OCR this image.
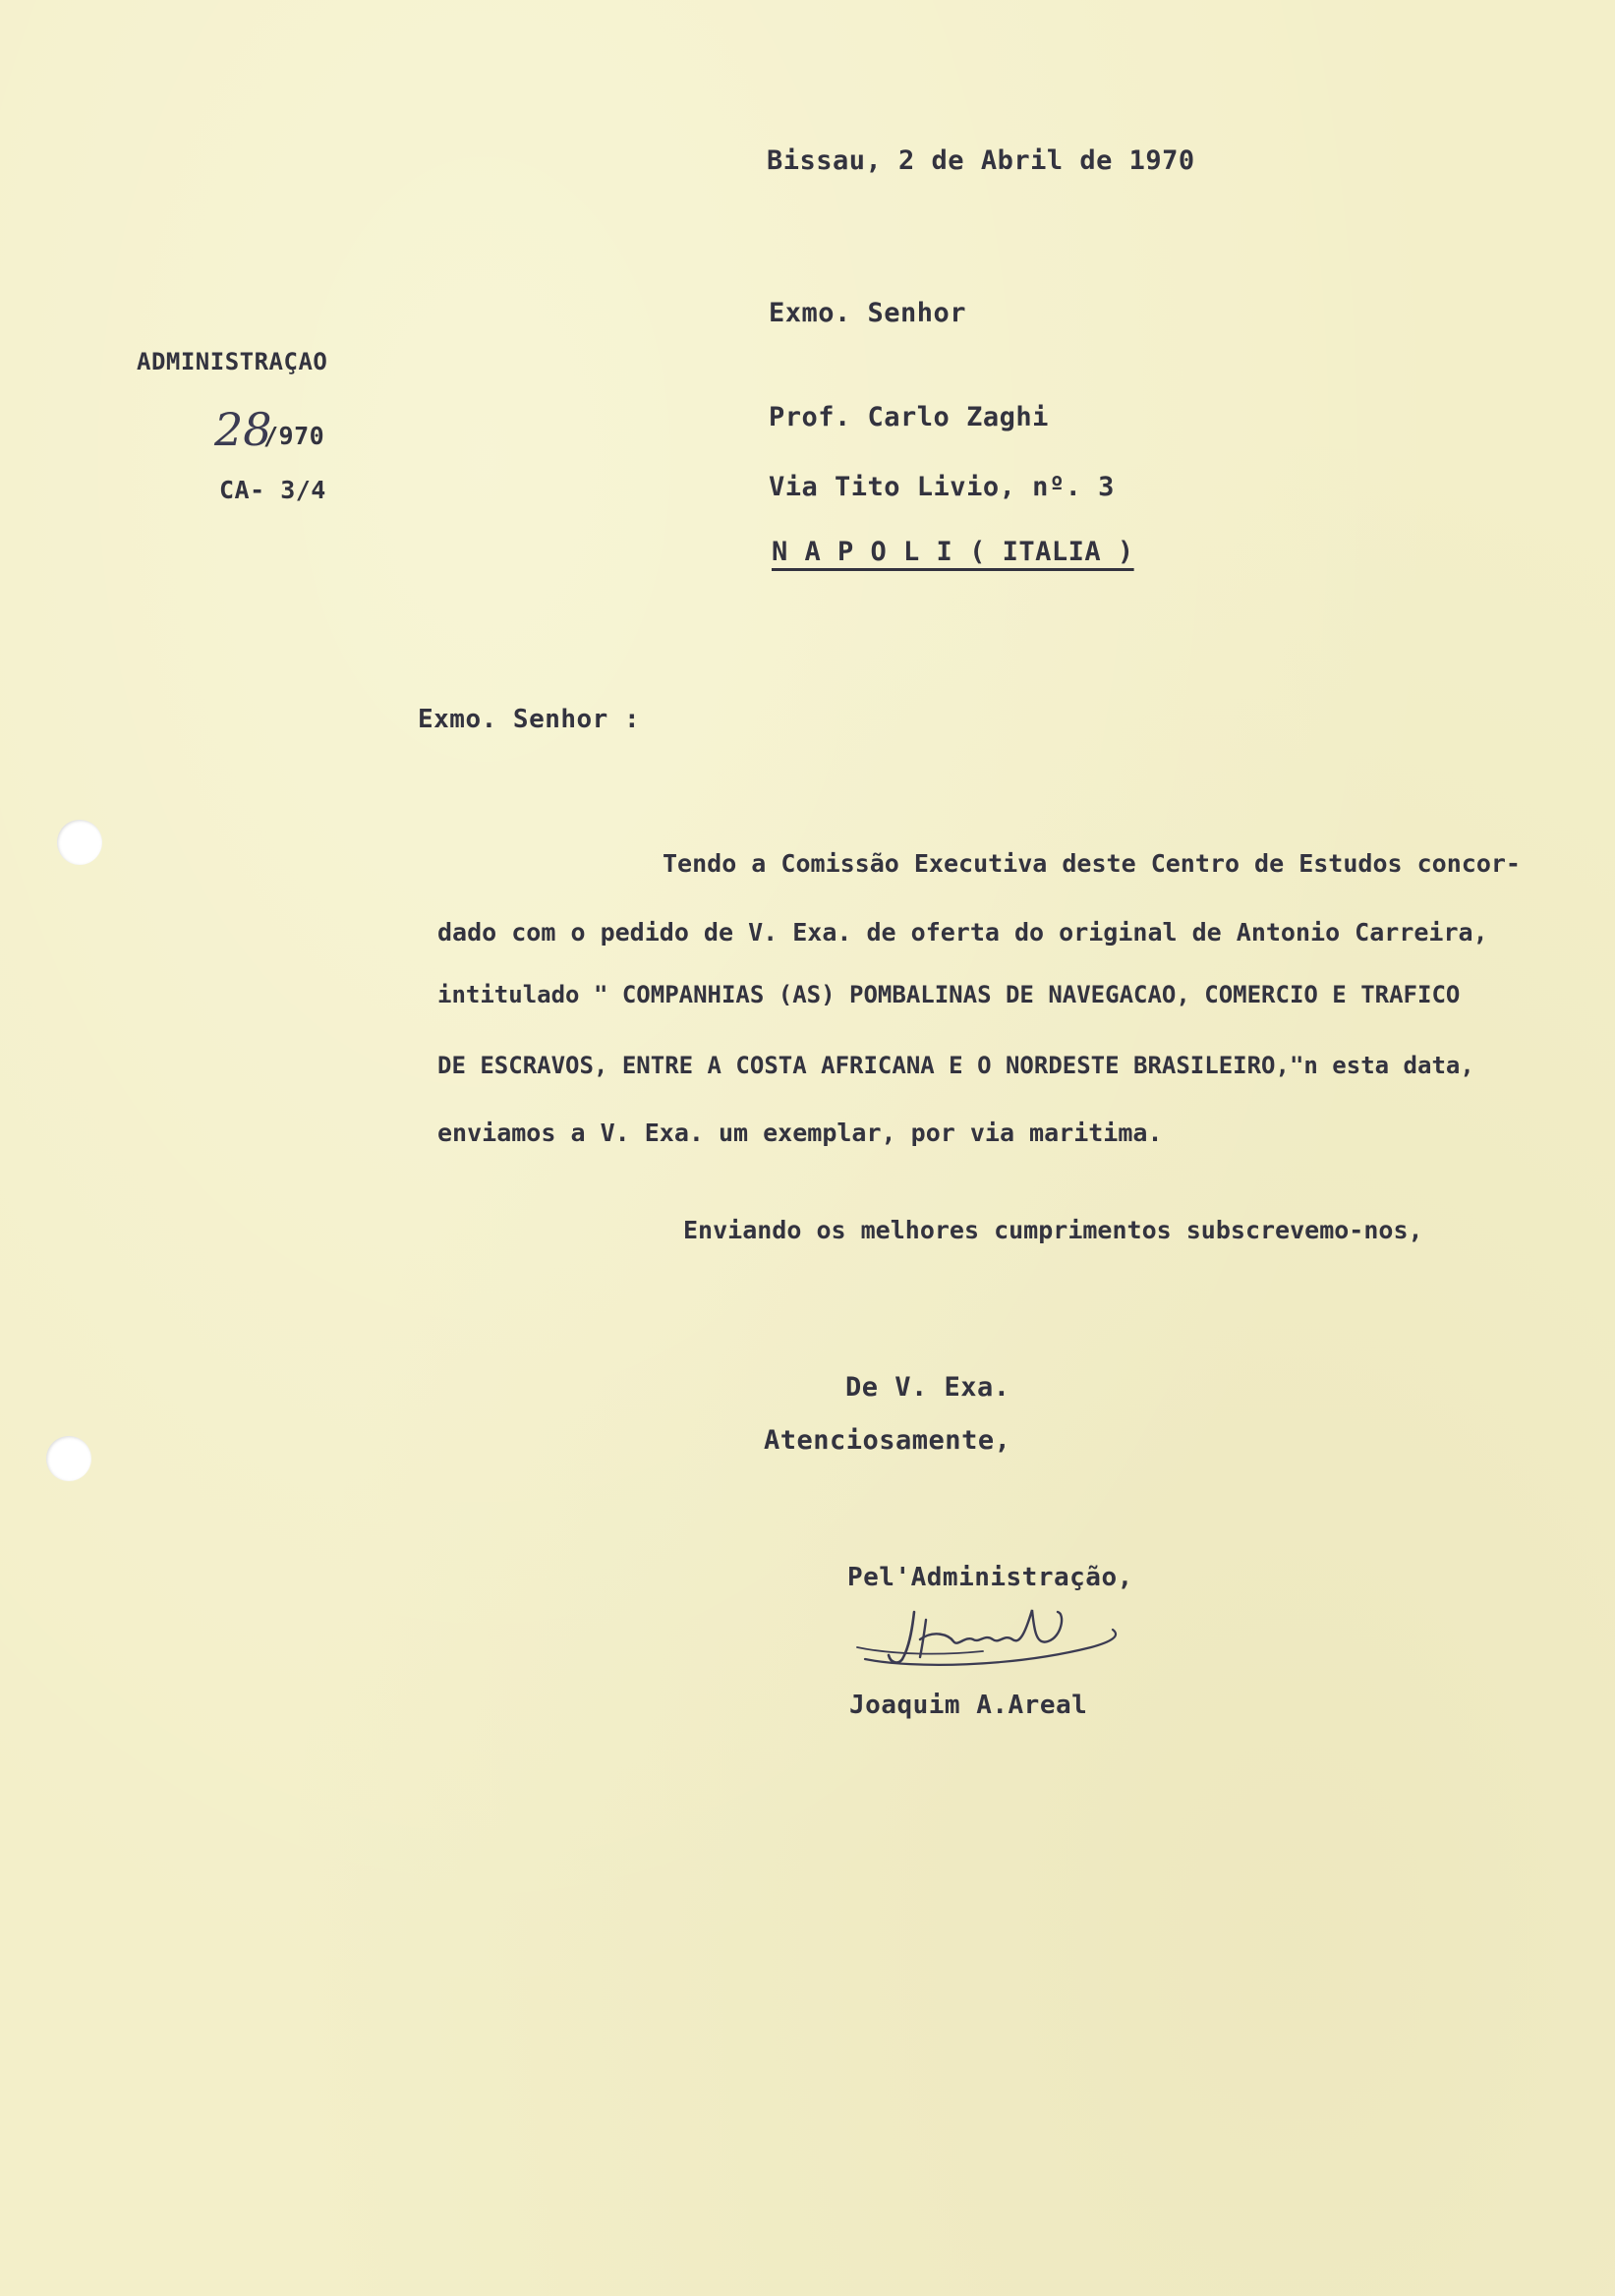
Bissau, 2 de Abril de 1970
Exmo. Senhor
Prof. Carlo Zaghi
Via Tito Livio, nº. 3
N A P O L I ( ITALIA )
ADMINISTRAÇAO
28
/970
CA- 3/4
Exmo. Senhor :
Tendo a Comissão Executiva deste Centro de Estudos concor-
dado com o pedido de V. Exa. de oferta do original de Antonio Carreira,
intitulado " COMPANHIAS (AS) POMBALINAS DE NAVEGACAO, COMERCIO E TRAFICO
DE ESCRAVOS, ENTRE A COSTA AFRICANA E O NORDESTE BRASILEIRO,"n esta data,
enviamos a V. Exa. um exemplar, por via maritima.
Enviando os melhores cumprimentos subscrevemo-nos,
De V. Exa.
Atenciosamente,
Pel'Administração,
Joaquim A.Areal
